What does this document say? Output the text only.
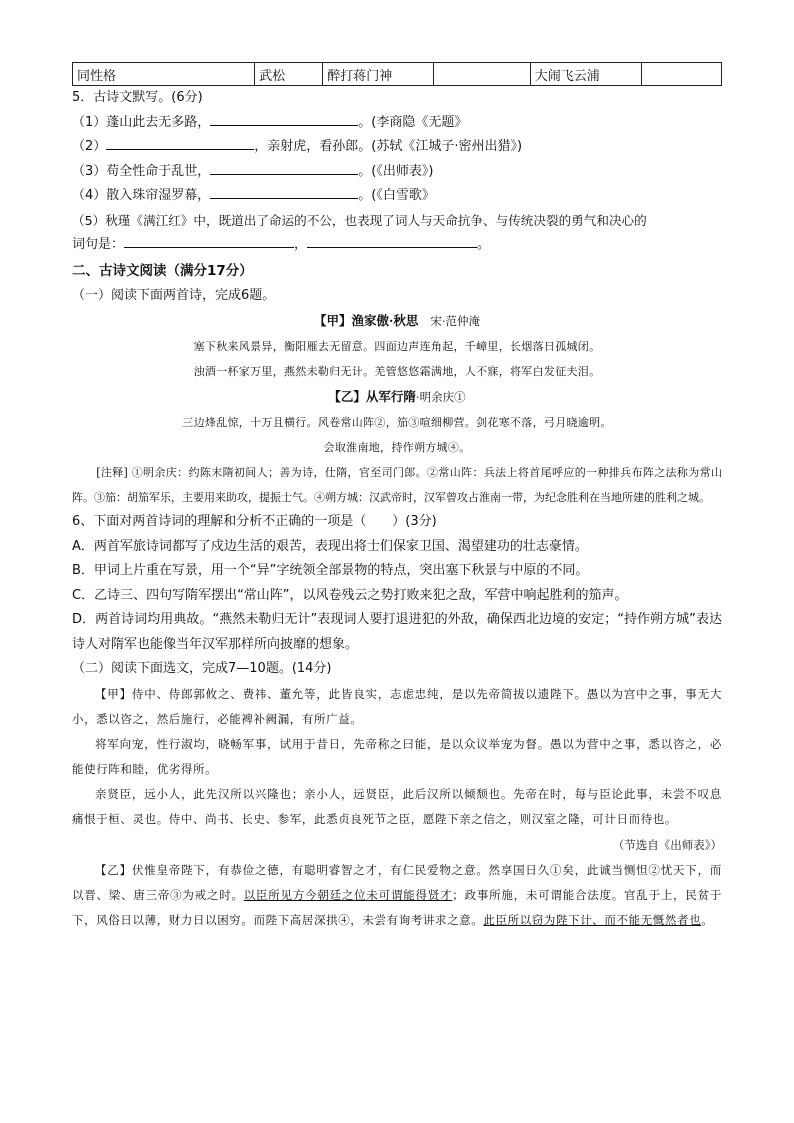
同性格	武松	醉打蒋门神		大闹飞云浦	
5．古诗文默写。(6分)
（1）蓬山此去无多路，	。(李商隐《无题》
（2）	，亲射虎，看孙郎。(苏轼《江城子·密州出猎》)
（3）苟全性命于乱世，	。(《出师表》)
（4）散入珠帘湿罗幕，	。(《白雪歌》
（5）秋瑾《满江红》中，既道出了命运的不公，也表现了词人与天命抗争、与传统决裂的勇气和决心的
词句是：	，	。
二、古诗文阅读（满分17分）
（一）阅读下面两首诗，完成6题。
【甲】渔家傲·秋思 宋·范仲淹
塞下秋来风景异，衡阳雁去无留意。四面边声连角起，千嶂里，长烟落日孤城闭。
浊酒一杯家万里，燕然未勒归无计。羌管悠悠霜满地，人不寐，将军白发征夫泪。
【乙】从军行隋·明余庆①
三边烽乱惊，十万且横行。风卷常山阵②，笳③喧细柳营。剑花寒不落，弓月晓逾明。
会取淮南地，持作朔方城④。
[注释] ①明余庆：约陈末隋初间人；善为诗，仕隋，官至司门郎。②常山阵：兵法上将首尾呼应的一种排兵布阵之法称为常山阵。③笳：胡笳军乐，主要用来助攻，提振士气。④朔方城：汉武帝时，汉军曾攻占淮南一带，为纪念胜利在当地所建的胜利之城。
6、下面对两首诗词的理解和分析不正确的一项是（　　）(3分)
A．两首军旅诗词都写了戍边生活的艰苦，表现出将士们保家卫国、渴望建功的壮志豪情。
B．甲词上片重在写景，用一个“异”字统领全部景物的特点，突出塞下秋景与中原的不同。
C．乙诗三、四句写隋军摆出“常山阵”，以风卷残云之势打败来犯之敌，军营中响起胜利的笳声。
D．两首诗词均用典故。“燕然未勒归无计”表现词人要打退进犯的外敌，确保西北边境的安定；“持作朔方城”表达诗人对隋军也能像当年汉军那样所向披靡的想象。
（二）阅读下面选文，完成7—10题。(14分)
【甲】侍中、侍郎郭攸之、费祎、董允等，此皆良实，志虑忠纯，是以先帝简拔以遗陛下。愚以为宫中之事，事无大小，悉以咨之，然后施行，必能裨补阙漏，有所广益。
将军向宠，性行淑均，晓畅军事，试用于昔日，先帝称之曰能，是以众议举宠为督。愚以为营中之事，悉以咨之，必能使行阵和睦，优劣得所。
亲贤臣，远小人，此先汉所以兴隆也；亲小人，远贤臣，此后汉所以倾颓也。先帝在时，每与臣论此事，未尝不叹息痛恨于桓、灵也。侍中、尚书、长史、参军，此悉贞良死节之臣，愿陛下亲之信之，则汉室之隆，可计日而待也。
（节选自《出师表》）
【乙】伏惟皇帝陛下，有恭俭之德，有聪明睿智之才，有仁民爱物之意。然享国日久①矣，此诚当恻怛②忧天下，而以晋、梁、唐三帝③为戒之时。以臣所见方今朝廷之位未可谓能得贤才；政事所施，未可谓能合法度。官乱于上，民贫于下，风俗日以薄，财力日以困穷。而陛下高居深拱④，未尝有询考讲求之意。此臣所以窃为陛下计、而不能无慨然者也。
